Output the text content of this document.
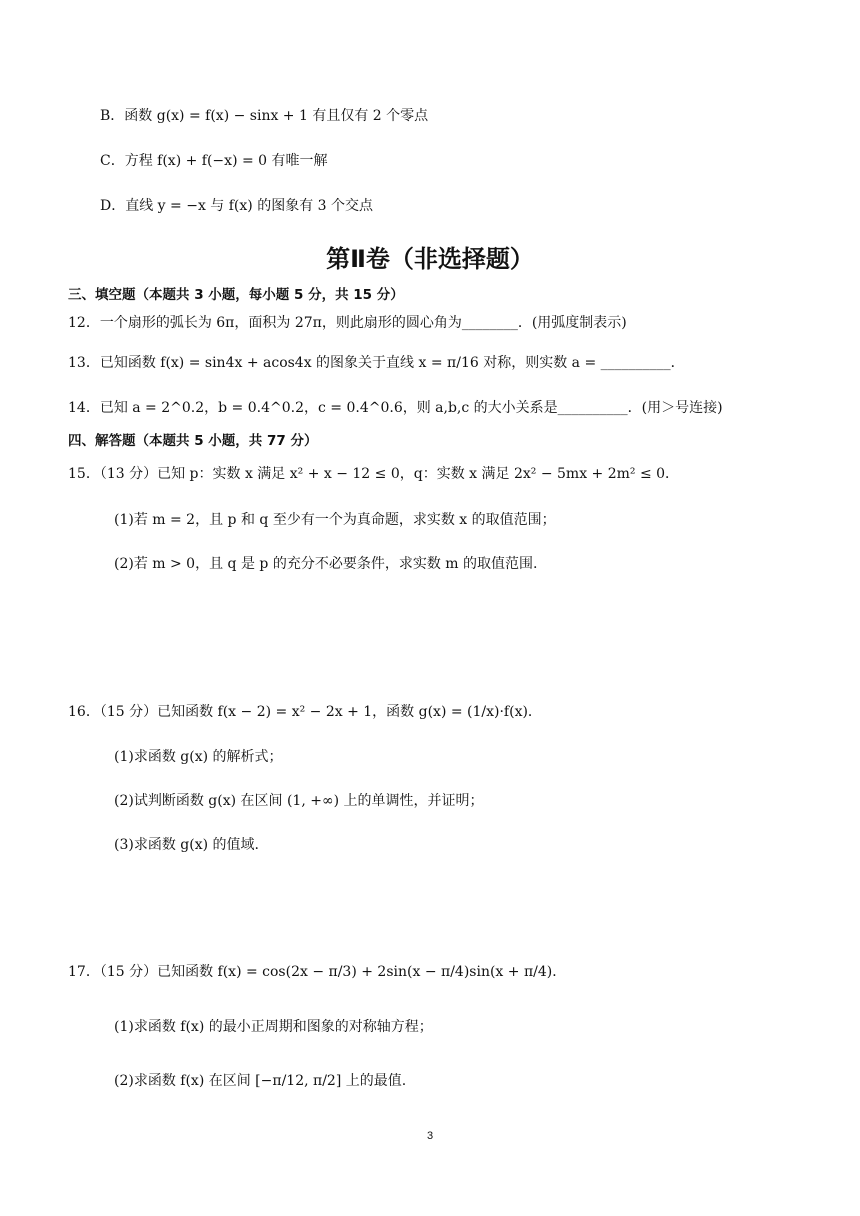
B．函数 g(x) = f(x) − sinx + 1 有且仅有 2 个零点
C．方程 f(x) + f(−x) = 0 有唯一解
D．直线 y = −x 与 f(x) 的图象有 3 个交点
第Ⅱ卷（非选择题）
三、填空题（本题共 3 小题，每小题 5 分，共 15 分）
12．一个扇形的弧长为 6π，面积为 27π，则此扇形的圆心角为________．(用弧度制表示)
13．已知函数 f(x) = sin4x + acos4x 的图象关于直线 x = π/16 对称，则实数 a = __________．
14．已知 a = 2^0.2，b = 0.4^0.2，c = 0.4^0.6，则 a,b,c 的大小关系是__________．(用＞号连接)
四、解答题（本题共 5 小题，共 77 分）
15．（13 分）已知 p：实数 x 满足 x² + x − 12 ≤ 0，q：实数 x 满足 2x² − 5mx + 2m² ≤ 0．
(1)若 m = 2，且 p 和 q 至少有一个为真命题，求实数 x 的取值范围；
(2)若 m > 0，且 q 是 p 的充分不必要条件，求实数 m 的取值范围.
16．（15 分）已知函数 f(x − 2) = x² − 2x + 1，函数 g(x) = (1/x)·f(x)．
(1)求函数 g(x) 的解析式；
(2)试判断函数 g(x) 在区间 (1, +∞) 上的单调性，并证明；
(3)求函数 g(x) 的值域.
17．（15 分）已知函数 f(x) = cos(2x − π/3) + 2sin(x − π/4)sin(x + π/4)．
(1)求函数 f(x) 的最小正周期和图象的对称轴方程；
(2)求函数 f(x) 在区间 [−π/12, π/2] 上的最值.
3
